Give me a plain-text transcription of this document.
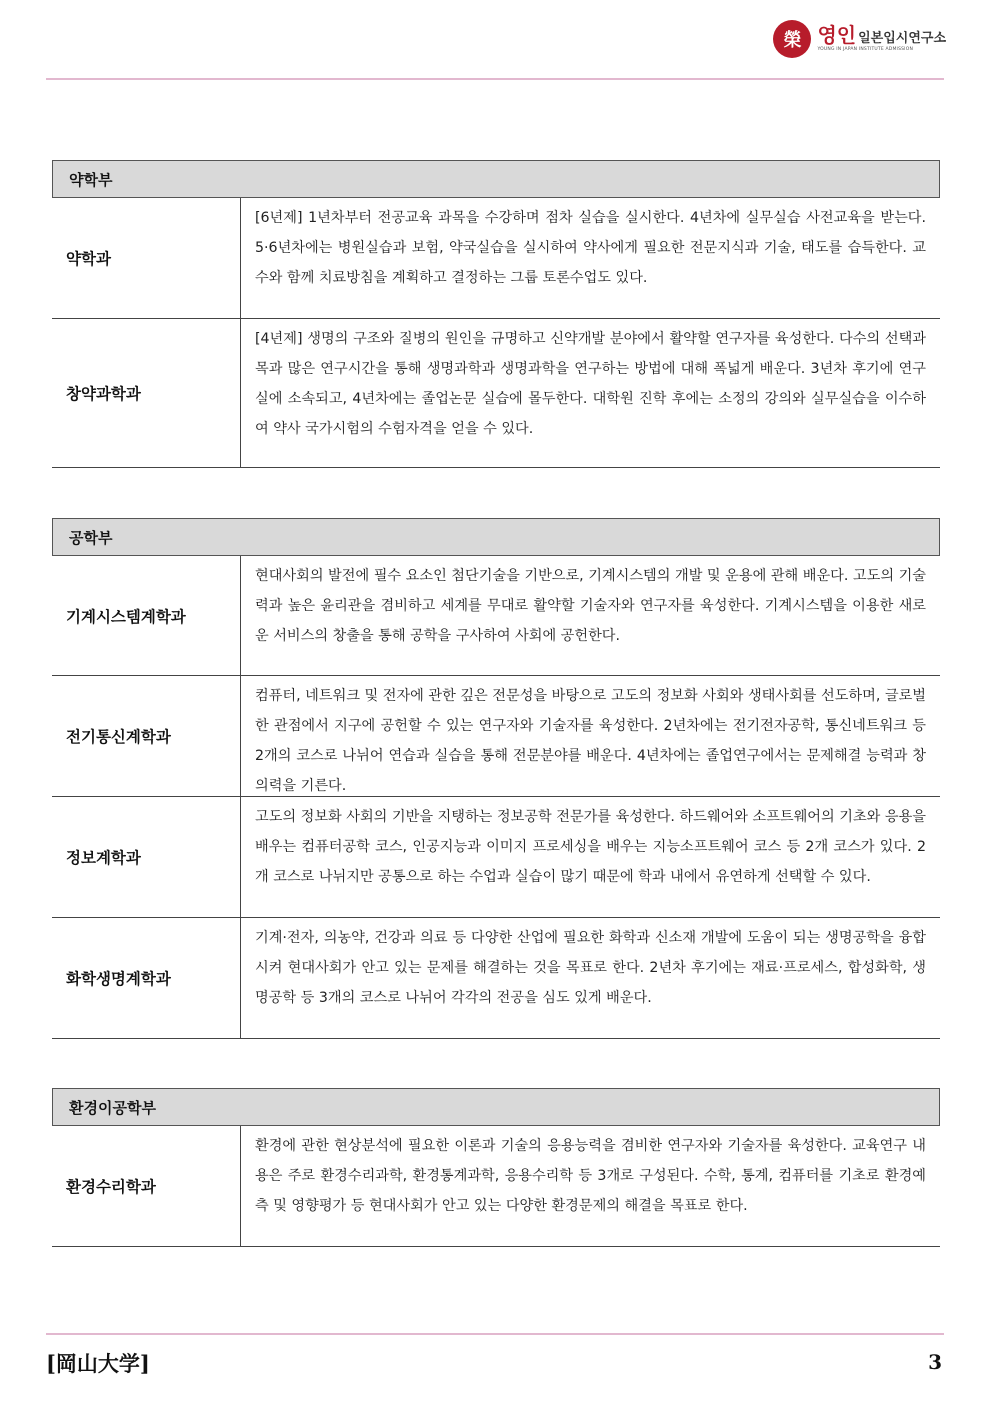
榮 영인 일본입시연구소
YOUNG IN JAPAN INSTITUTE ADMISSION
약학부
약학과
[6년제] 1년차부터 전공교육 과목을 수강하며 점차 실습을 실시한다. 4년차에 실무실습 사전교육을 받는다. 5·6년차에는 병원실습과 보험, 약국실습을 실시하여 약사에게 필요한 전문지식과 기술, 태도를 습득한다. 교수와 함께 치료방침을 계획하고 결정하는 그룹 토론수업도 있다.
창약과학과
[4년제] 생명의 구조와 질병의 원인을 규명하고 신약개발 분야에서 활약할 연구자를 육성한다. 다수의 선택과목과 많은 연구시간을 통해 생명과학과 생명과학을 연구하는 방법에 대해 폭넓게 배운다. 3년차 후기에 연구실에 소속되고, 4년차에는 졸업논문 실습에 몰두한다. 대학원 진학 후에는 소정의 강의와 실무실습을 이수하여 약사 국가시험의 수험자격을 얻을 수 있다.
공학부
기계시스템계학과
현대사회의 발전에 필수 요소인 첨단기술을 기반으로, 기계시스템의 개발 및 운용에 관해 배운다. 고도의 기술력과 높은 윤리관을 겸비하고 세계를 무대로 활약할 기술자와 연구자를 육성한다. 기계시스템을 이용한 새로운 서비스의 창출을 통해 공학을 구사하여 사회에 공헌한다.
전기통신계학과
컴퓨터, 네트워크 및 전자에 관한 깊은 전문성을 바탕으로 고도의 정보화 사회와 생태사회를 선도하며, 글로벌한 관점에서 지구에 공헌할 수 있는 연구자와 기술자를 육성한다. 2년차에는 전기전자공학, 통신네트워크 등 2개의 코스로 나뉘어 연습과 실습을 통해 전문분야를 배운다. 4년차에는 졸업연구에서는 문제해결 능력과 창의력을 기른다.
정보계학과
고도의 정보화 사회의 기반을 지탱하는 정보공학 전문가를 육성한다. 하드웨어와 소프트웨어의 기초와 응용을 배우는 컴퓨터공학 코스, 인공지능과 이미지 프로세싱을 배우는 지능소프트웨어 코스 등 2개 코스가 있다. 2개 코스로 나뉘지만 공통으로 하는 수업과 실습이 많기 때문에 학과 내에서 유연하게 선택할 수 있다.
화학생명계학과
기계·전자, 의농약, 건강과 의료 등 다양한 산업에 필요한 화학과 신소재 개발에 도움이 되는 생명공학을 융합시켜 현대사회가 안고 있는 문제를 해결하는 것을 목표로 한다. 2년차 후기에는 재료·프로세스, 합성화학, 생명공학 등 3개의 코스로 나뉘어 각각의 전공을 심도 있게 배운다.
환경이공학부
환경수리학과
환경에 관한 현상분석에 필요한 이론과 기술의 응용능력을 겸비한 연구자와 기술자를 육성한다. 교육연구 내용은 주로 환경수리과학, 환경통계과학, 응용수리학 등 3개로 구성된다. 수학, 통계, 컴퓨터를 기초로 환경예측 및 영향평가 등 현대사회가 안고 있는 다양한 환경문제의 해결을 목표로 한다.
[岡山大学]	3
